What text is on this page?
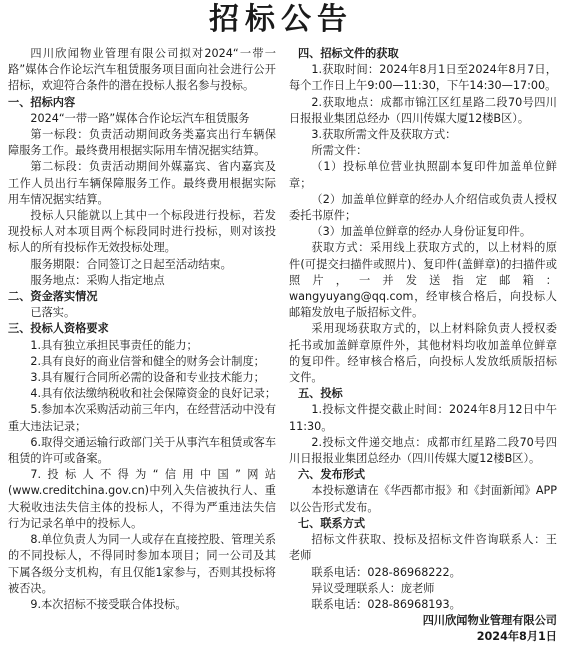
招标公告

四川欣闻物业管理有限公司拟对2024“一带一路”媒体合作论坛汽车租赁服务项目面向社会进行公开招标，欢迎符合条件的潜在投标人报名参与投标。

一、招标内容

2024“一带一路”媒体合作论坛汽车租赁服务

第一标段：负责活动期间政务类嘉宾出行车辆保障服务工作。最终费用根据实际用车情况据实结算。

第二标段：负责活动期间外媒嘉宾、省内嘉宾及工作人员出行车辆保障服务工作。最终费用根据实际用车情况据实结算。

投标人只能就以上其中一个标段进行投标，若发现投标人对本项目两个标段同时进行投标，则对该投标人的所有投标作无效投标处理。

服务期限：合同签订之日起至活动结束。

服务地点：采购人指定地点

二、资金落实情况

已落实。

三、投标人资格要求

1.具有独立承担民事责任的能力；

2.具有良好的商业信誉和健全的财务会计制度；

3.具有履行合同所必需的设备和专业技术能力；

4.具有依法缴纳税收和社会保障资金的良好记录；

5.参加本次采购活动前三年内，在经营活动中没有重大违法记录；

6.取得交通运输行政部门关于从事汽车租赁或客车租赁的许可或备案。

7.投标人不得为“信用中国”网站(www.creditchina.gov.cn)中列入失信被执行人、重大税收违法失信主体的投标人，不得为严重违法失信行为记录名单中的投标人。

8.单位负责人为同一人或存在直接控股、管理关系的不同投标人，不得同时参加本项目；同一公司及其下属各级分支机构，有且仅能1家参与，否则其投标将被否决。

9.本次招标不接受联合体投标。

四、招标文件的获取

1.获取时间：2024年8月1日至2024年8月7日，每个工作日上午9:00—11:30，下午14:30—17:00。

2.获取地点：成都市锦江区红星路二段70号四川日报报业集团总经办（四川传媒大厦12楼B区）。

3.获取所需文件及获取方式：

所需文件：

（1）投标单位营业执照副本复印件加盖单位鲜章；

（2）加盖单位鲜章的经办人介绍信或负责人授权委托书原件；

（3）加盖单位鲜章的经办人身份证复印件。

获取方式：采用线上获取方式的，以上材料的原件(可提交扫描件或照片)、复印件(盖鲜章)的扫描件或照片，一并发送指定邮箱：wangyuyang@qq.com，经审核合格后，向投标人邮箱发放电子版招标文件。

采用现场获取方式的，以上材料除负责人授权委托书或加盖鲜章原件外，其他材料均收加盖单位鲜章的复印件。经审核合格后，向投标人发放纸质版招标文件。

五、投标

1.投标文件提交截止时间：2024年8月12日中午11:30。

2.投标文件递交地点：成都市红星路二段70号四川日报报业集团总经办（四川传媒大厦12楼B区）。

六、发布形式

本投标邀请在《华西都市报》和《封面新闻》APP以公告形式发布。

七、联系方式

招标文件获取、投标及招标文件咨询联系人：王老师

联系电话：028-86968222。

异议受理联系人：庞老师

联系电话：028-86968193。

四川欣闻物业管理有限公司

2024年8月1日
